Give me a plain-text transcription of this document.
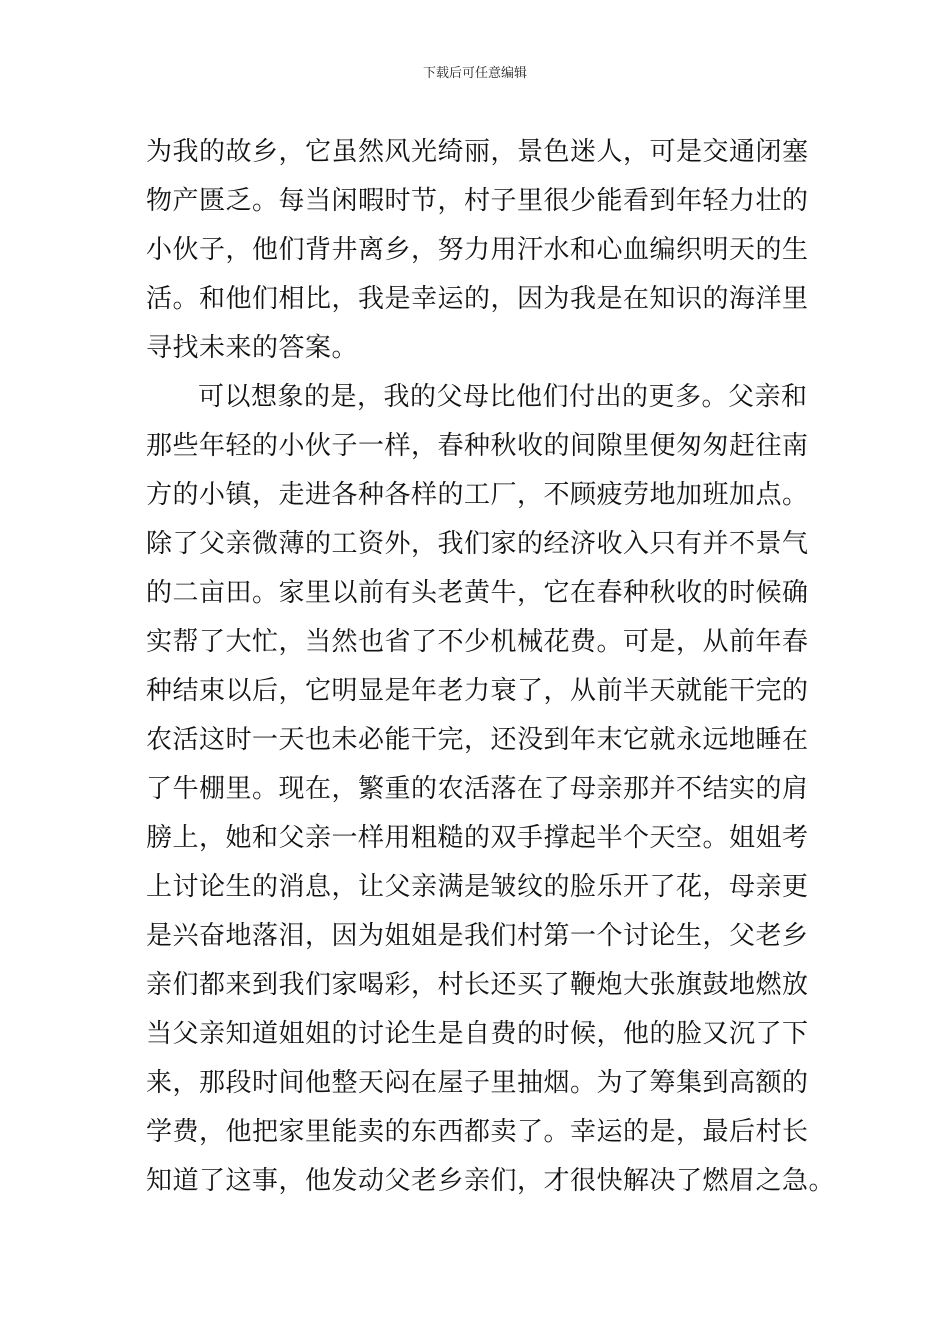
下载后可任意编辑
为我的故乡，它虽然风光绮丽，景色迷人，可是交通闭塞
物产匮乏。每当闲暇时节，村子里很少能看到年轻力壮的
小伙子，他们背井离乡，努力用汗水和心血编织明天的生
活。和他们相比，我是幸运的，因为我是在知识的海洋里
寻找未来的答案。
可以想象的是，我的父母比他们付出的更多。父亲和
那些年轻的小伙子一样，春种秋收的间隙里便匆匆赶往南
方的小镇，走进各种各样的工厂，不顾疲劳地加班加点。
除了父亲微薄的工资外，我们家的经济收入只有并不景气
的二亩田。家里以前有头老黄牛，它在春种秋收的时候确
实帮了大忙，当然也省了不少机械花费。可是，从前年春
种结束以后，它明显是年老力衰了，从前半天就能干完的
农活这时一天也未必能干完，还没到年末它就永远地睡在
了牛棚里。现在，繁重的农活落在了母亲那并不结实的肩
膀上，她和父亲一样用粗糙的双手撑起半个天空。姐姐考
上讨论生的消息，让父亲满是皱纹的脸乐开了花，母亲更
是兴奋地落泪，因为姐姐是我们村第一个讨论生，父老乡
亲们都来到我们家喝彩，村长还买了鞭炮大张旗鼓地燃放
当父亲知道姐姐的讨论生是自费的时候，他的脸又沉了下
来，那段时间他整天闷在屋子里抽烟。为了筹集到高额的
学费，他把家里能卖的东西都卖了。幸运的是，最后村长
知道了这事，他发动父老乡亲们，才很快解决了燃眉之急。
